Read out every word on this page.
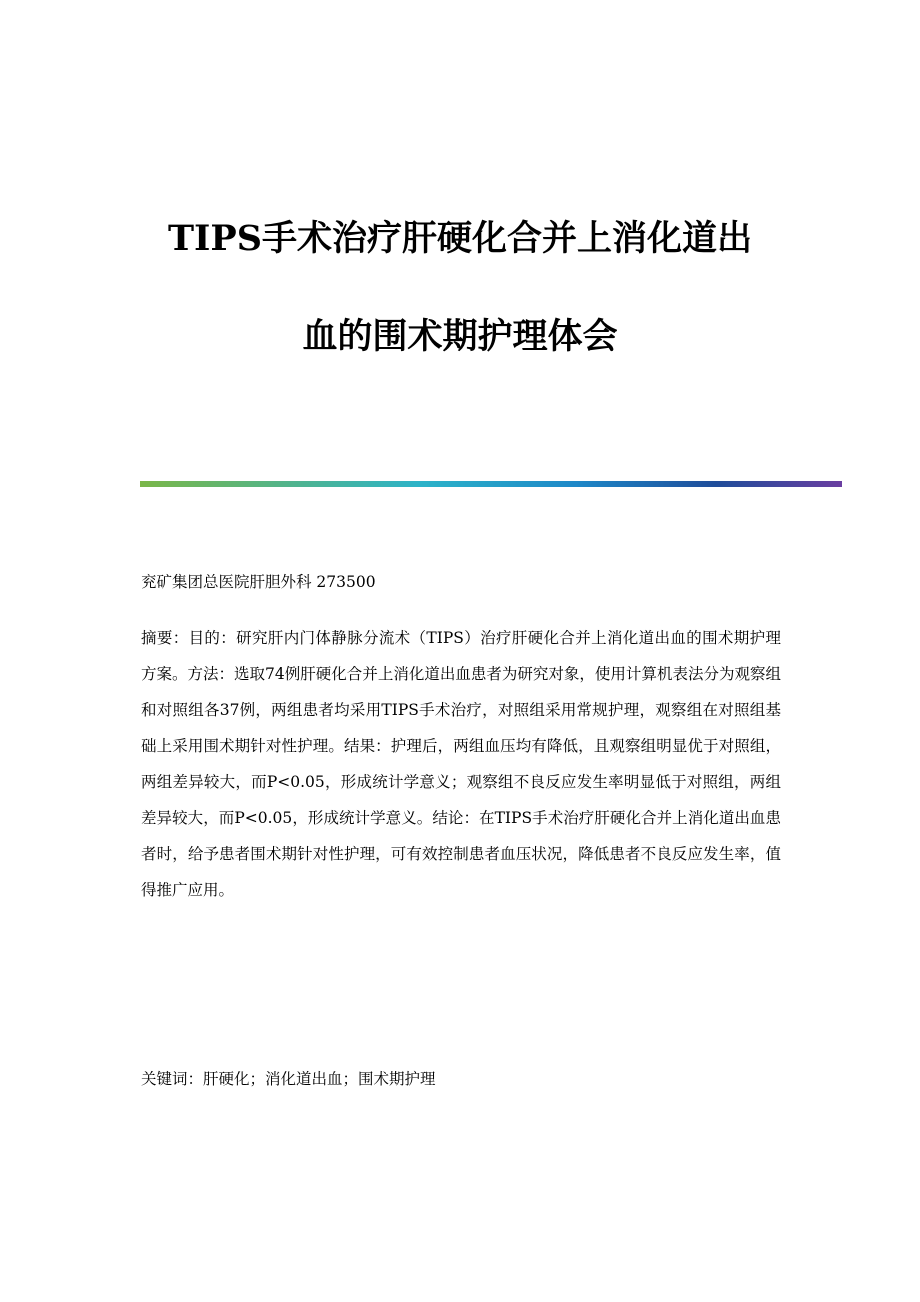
TIPS手术治疗肝硬化合并上消化道出
血的围术期护理体会

兖矿集团总医院肝胆外科 273500

摘要：目的：研究肝内门体静脉分流术（TIPS）治疗肝硬化合并上消化道出血的围术期护理方案。方法：选取74例肝硬化合并上消化道出血患者为研究对象，使用计算机表法分为观察组和对照组各37例，两组患者均采用TIPS手术治疗，对照组采用常规护理，观察组在对照组基础上采用围术期针对性护理。结果：护理后，两组血压均有降低，且观察组明显优于对照组，两组差异较大，而P<0.05，形成统计学意义；观察组不良反应发生率明显低于对照组，两组差异较大，而P<0.05，形成统计学意义。结论：在TIPS手术治疗肝硬化合并上消化道出血患者时，给予患者围术期针对性护理，可有效控制患者血压状况，降低患者不良反应发生率，值得推广应用。

关键词：肝硬化；消化道出血；围术期护理
